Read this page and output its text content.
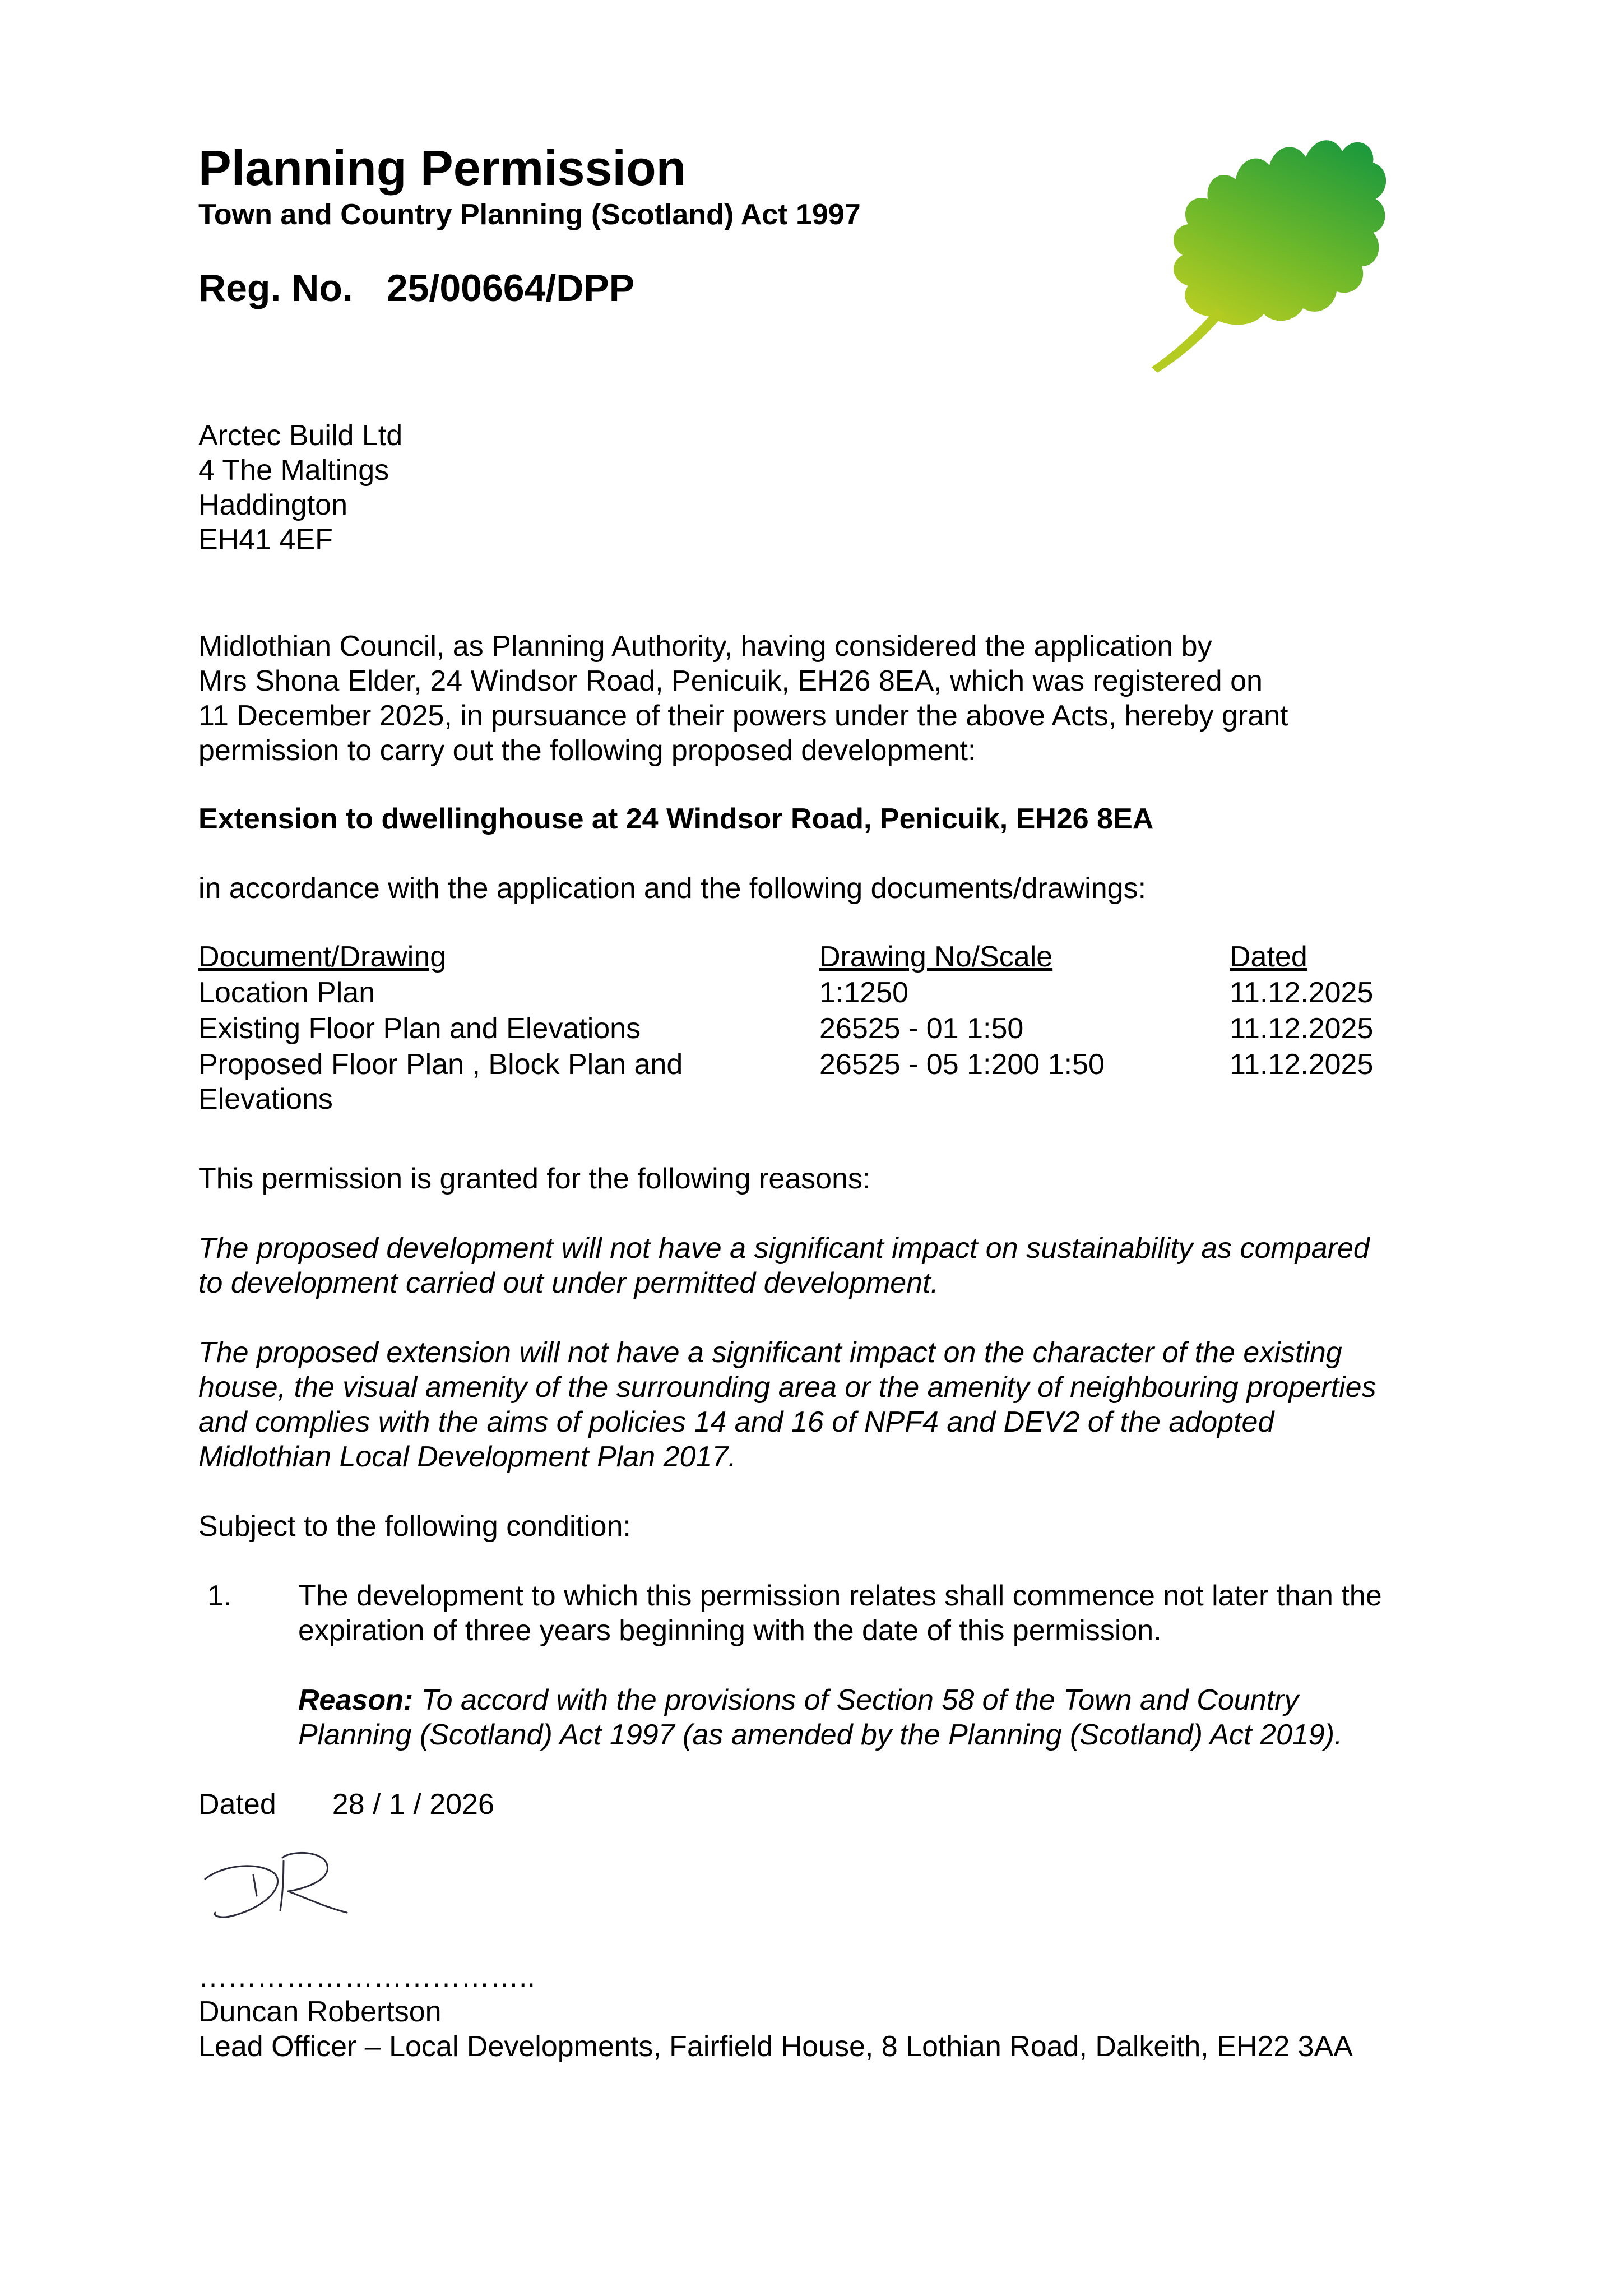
Planning Permission
Town and Country Planning (Scotland) Act 1997
Reg. No. 25/00664/DPP
Arctec Build Ltd
4 The Maltings
Haddington
EH41 4EF
Midlothian Council, as Planning Authority, having considered the application by
Mrs Shona Elder, 24 Windsor Road, Penicuik, EH26 8EA, which was registered on
11 December 2025, in pursuance of their powers under the above Acts, hereby grant
permission to carry out the following proposed development:
Extension to dwellinghouse at 24 Windsor Road, Penicuik, EH26 8EA
in accordance with the application and the following documents/drawings:
Document/Drawing	Drawing No/Scale	Dated
Location Plan	1:1250	11.12.2025
Existing Floor Plan and Elevations	26525 - 01 1:50	11.12.2025
Proposed Floor Plan , Block Plan and
Elevations
26525 - 05 1:200 1:50	11.12.2025
This permission is granted for the following reasons:
The proposed development will not have a significant impact on sustainability as compared
to development carried out under permitted development.
The proposed extension will not have a significant impact on the character of the existing
house, the visual amenity of the surrounding area or the amenity of neighbouring properties
and complies with the aims of policies 14 and 16 of NPF4 and DEV2 of the adopted
Midlothian Local Development Plan 2017.
Subject to the following condition:
1. The development to which this permission relates shall commence not later than the
expiration of three years beginning with the date of this permission.
Reason: To accord with the provisions of Section 58 of the Town and Country
Planning (Scotland) Act 1997 (as amended by the Planning (Scotland) Act 2019).
Dated 28 / 1 / 2026
……………………………..
Duncan Robertson
Lead Officer – Local Developments, Fairfield House, 8 Lothian Road, Dalkeith, EH22 3AA
